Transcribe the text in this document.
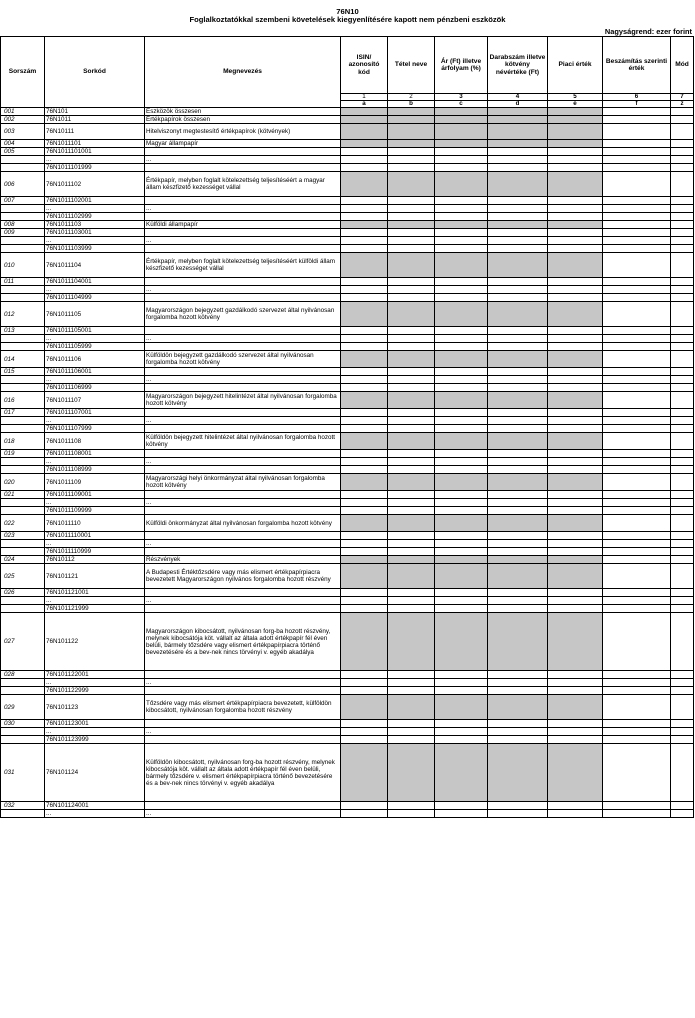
76N10
Foglalkoztatókkal szembeni követelések kiegyenlítésére kapott nem pénzbeni eszközök
Nagyságrend: ezer forint
Sorszám	Sorkód	Megnevezés	ISIN/ azonosító kód	Tétel neve	Ár (Ft) illetve árfolyam (%)	Darabszám illetve kötvény névértéke (Ft)	Piaci érték	Beszámítás szerinti érték	Mód
			1	2	3	4	5	6	7
			a	b	c	d	e	f	z
001	76N101	Eszközök összesen							
002	76N1011	Értékpapírok összesen							
003	76N10111	Hitelviszonyt megtestesítő értékpapírok (kötvények)							
004	76N1011101	Magyar állampapír							
005	76N1011101001								
	...	...							
	76N1011101999								
006	76N1011102	Értékpapír, melyben foglalt kötelezettség teljesítéséért a magyar állam készfizető kezességet vállal							
007	76N1011102001								
	...	...							
	76N1011102999								
008	76N1011103	Külföldi állampapír							
009	76N1011103001								
	...	...							
	76N1011103999								
010	76N1011104	Értékpapír, melyben foglalt kötelezettség teljesítéséért külföldi állam készfizető kezességet vállal							
011	76N1011104001								
	...	...							
	76N1011104999								
012	76N1011105	Magyarországon bejegyzett gazdálkodó szervezet által nyilvánosan forgalomba hozott kötvény							
013	76N1011105001								
	...	...							
	76N1011105999								
014	76N1011106	Külföldön bejegyzett gazdálkodó szervezet által nyilvánosan forgalomba hozott kötvény							
015	76N1011106001								
	...	...							
	76N1011106999								
016	76N1011107	Magyarországon bejegyzett hitelintézet által nyilvánosan forgalomba hozott kötvény							
017	76N1011107001								
	...	...							
	76N1011107999								
018	76N1011108	Külföldön bejegyzett hitelintézet által nyilvánosan forgalomba hozott kötvény							
019	76N1011108001								
	...	...							
	76N1011108999								
020	76N1011109	Magyarországi helyi önkormányzat által nyilvánosan forgalomba hozott kötvény							
021	76N1011109001								
	...	...							
	76N1011109999								
022	76N1011110	Külföldi önkormányzat által nyilvánosan forgalomba hozott kötvény							
023	76N1011110001								
	...	...							
	76N1011110999								
024	76N10112	Részvények							
025	76N101121	A Budapesti Értéktőzsdére vagy más elismert értékpapírpiacra bevezetett Magyarországon nyilvános forgalomba hozott részvény							
026	76N101121001								
	...	...							
	76N101121999								
027	76N101122	Magyarországon kibocsátott, nyilvánosan forg-ba hozott részvény, melynek kibocsátója köt. vállalt az általa adott értékpapír fél éven belüli, bármely tőzsdére vagy elismert értékpapírpiacra történő bevezetésére és a bev-nek nincs törvényi v. egyéb akadálya							
028	76N101122001								
	...	...							
	76N101122999								
029	76N101123	Tőzsdére vagy más elismert értékpapírpiacra bevezetett, külföldön kibocsátott, nyilvánosan forgalomba hozott részvény							
030	76N101123001								
	...	...							
	76N101123999								
031	76N101124	Külföldön kibocsátott, nyilvánosan forg-ba hozott részvény, melynek kibocsátója köt. vállalt az általa adott értékpapír fél éven belüli, bármely tőzsdére v. elismert értékpapírpiacra történő bevezetésére és a bev-nek nincs törvényi v. egyéb akadálya							
032	76N101124001								
	...	...							
